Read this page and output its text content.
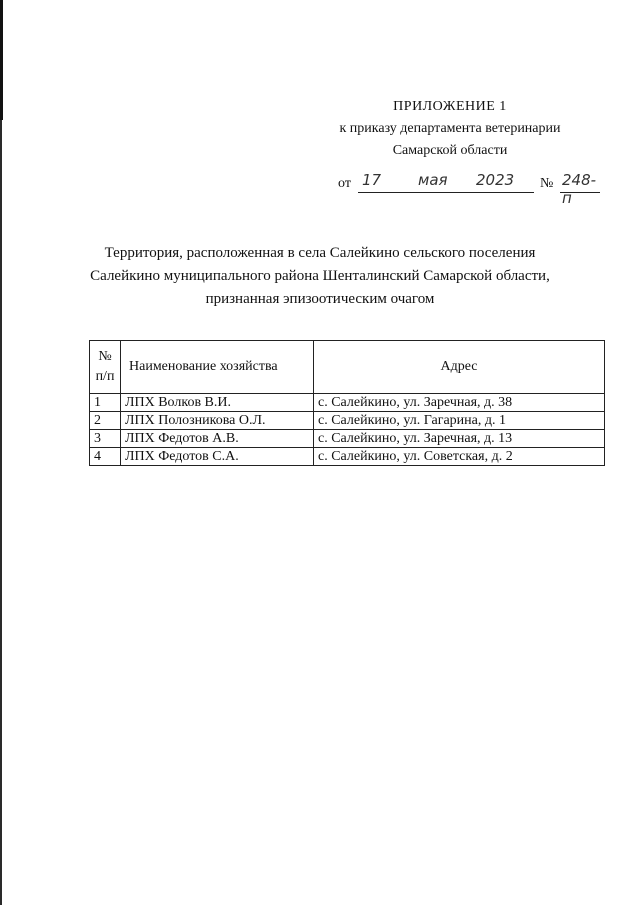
ПРИЛОЖЕНИЕ 1
к приказу департамента ветеринарии
Самарской области
от 17 мая 2023 № 248-п
Территория, расположенная в села Салейкино сельского поселения
Салейкино муниципального района Шенталинский Самарской области,
признанная эпизоотическим очагом
№
п/п	Наименование хозяйства	Адрес
1	ЛПХ Волков В.И.	с. Салейкино, ул. Заречная, д. 38
2	ЛПХ Полозникова О.Л.	с. Салейкино, ул. Гагарина, д. 1
3	ЛПХ Федотов А.В.	с. Салейкино, ул. Заречная, д. 13
4	ЛПХ Федотов С.А.	с. Салейкино, ул. Советская, д. 2
